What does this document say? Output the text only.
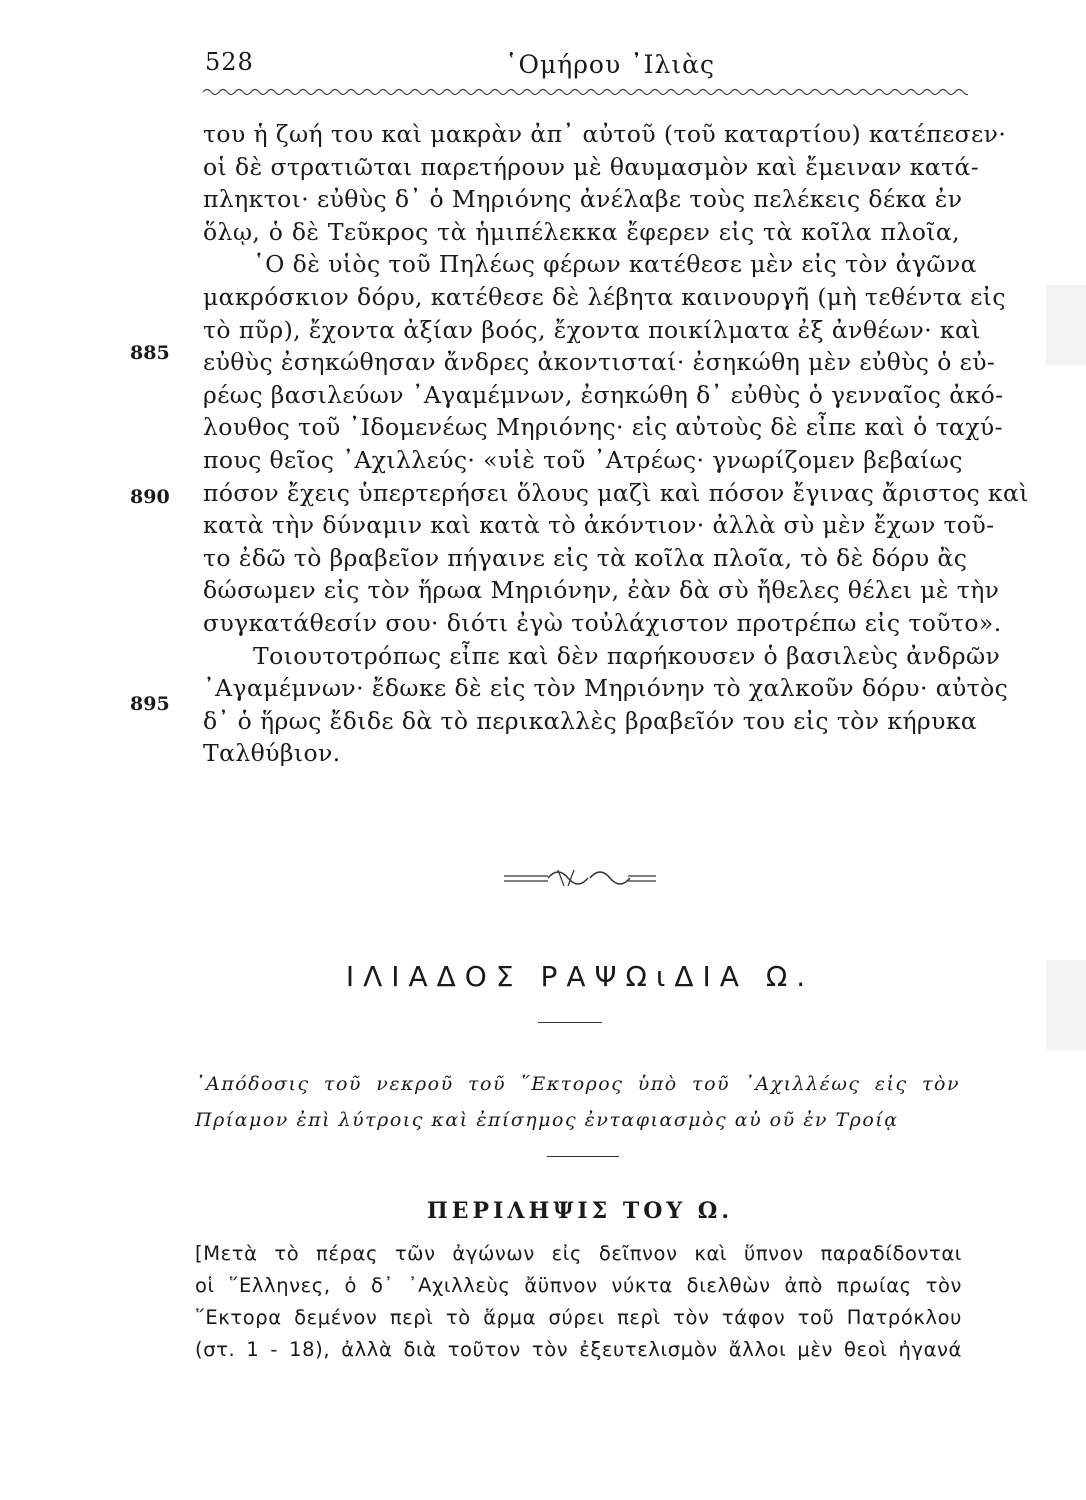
528	῾Ομήρου ᾿Ιλιὰς
του ἡ ζωή του καὶ μακρὰν ἀπ᾿ αὐτοῦ (τοῦ καταρτίου) κατέπεσεν·
οἱ δὲ στρατιῶται παρετήρουν μὲ θαυμασμὸν καὶ ἔμειναν κατά-
πληκτοι· εὐθὺς δ᾿ ὁ Μηριόνης ἀνέλαβε τοὺς πελέκεις δέκα ἐν
ὅλῳ, ὁ δὲ Τεῦκρος τὰ ἡμιπέλεκκα ἔφερεν εἰς τὰ κοῖλα πλοῖα,
῾Ο δὲ υἱὸς τοῦ Πηλέως φέρων κατέθεσε μὲν εἰς τὸν ἀγῶνα
μακρόσκιον δόρυ, κατέθεσε δὲ λέβητα καινουργῆ (μὴ τεθέντα εἰς
τὸ πῦρ), ἔχοντα ἀξίαν βοός, ἔχοντα ποικίλματα ἐξ ἀνθέων· καὶ
εὐθὺς ἐσηκώθησαν ἄνδρες ἀκοντισταί· ἐσηκώθη μὲν εὐθὺς ὁ εὐ-
ρέως βασιλεύων ᾿Αγαμέμνων, ἐσηκώθη δ᾿ εὐθὺς ὁ γενναῖος ἀκό-
λουθος τοῦ ᾿Ιδομενέως Μηριόνης· εἰς αὐτοὺς δὲ εἶπε καὶ ὁ ταχύ-
πους θεῖος ᾿Αχιλλεύς· «υἱὲ τοῦ ᾿Ατρέως· γνωρίζομεν βεβαίως
πόσον ἔχεις ὑπερτερήσει ὅλους μαζὶ καὶ πόσον ἔγινας ἄριστος καὶ
κατὰ τὴν δύναμιν καὶ κατὰ τὸ ἀκόντιον· ἀλλὰ σὺ μὲν ἔχων τοῦ-
το ἐδῶ τὸ βραβεῖον πήγαινε εἰς τὰ κοῖλα πλοῖα, τὸ δὲ δόρυ ἂς
δώσωμεν εἰς τὸν ἥρωα Μηριόνην, ἐὰν δὰ σὺ ἤθελες θέλει μὲ τὴν
συγκατάθεσίν σου· διότι ἐγὼ τοὐλάχιστον προτρέπω εἰς τοῦτο».
Τοιουτοτρόπως εἶπε καὶ δὲν παρήκουσεν ὁ βασιλεὺς ἀνδρῶν
᾿Αγαμέμνων· ἔδωκε δὲ εἰς τὸν Μηριόνην τὸ χαλκοῦν δόρυ· αὐτὸς
δ᾿ ὁ ἥρως ἔδιδε δὰ τὸ περικαλλὲς βραβεῖόν του εἰς τὸν κήρυκα
Ταλθύβιον.
885
890
895
ΙΛΙΑΔΟΣ ΡΑΨΩιΔΙΑ Ω.
᾿Απόδοσις τοῦ νεκροῦ τοῦ ῞Εκτορος ὑπὸ τοῦ ᾿Αχιλλέως εἰς τὸν
Πρίαμον ἐπὶ λύτροις καὶ ἐπίσημος ἐνταφιασμὸς αὐ οῦ ἐν Τροίᾳ
ΠΕΡΙΛΗΨΙΣ ΤΟΥ Ω.
[Μετὰ τὸ πέρας τῶν ἀγώνων εἰς δεῖπνον καὶ ὕπνον παραδίδονται
οἱ ῞Ελληνες, ὁ δ᾿ ᾿Αχιλλεὺς ἄϋπνον νύκτα διελθὼν ἀπὸ πρωίας τὸν
῞Εκτορα δεμένον περὶ τὸ ἅρμα σύρει περὶ τὸν τάφον τοῦ Πατρόκλου
(στ. 1 - 18), ἀλλὰ διὰ τοῦτον τὸν ἐξευτελισμὸν ἄλλοι μὲν θεοὶ ἠγανά
